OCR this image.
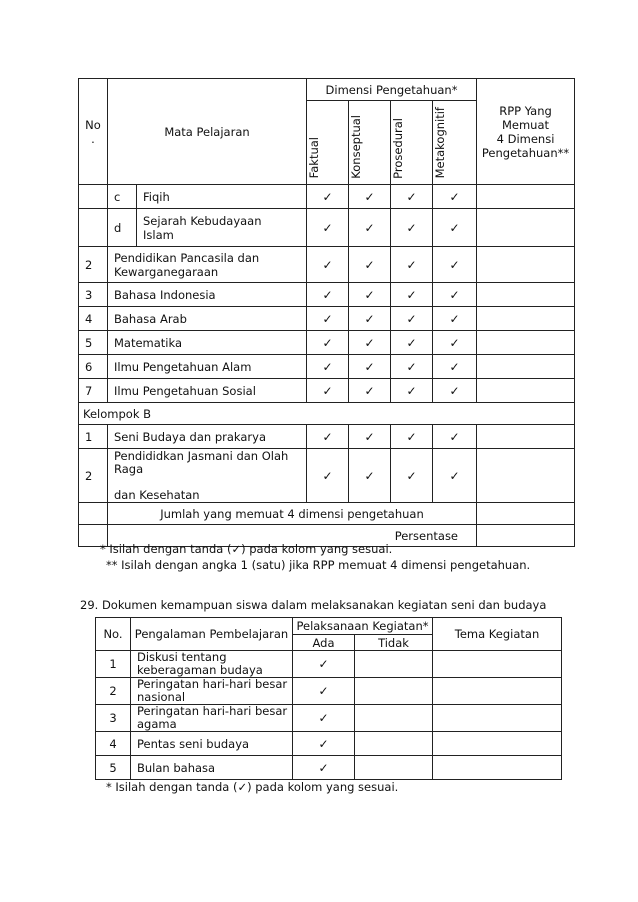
No
.	Mata Pelajaran		Dimensi Pengetahuan*				RPP Yang
Memuat
4 Dimensi
Pengetahuan**

			Faktual	Konseptual	Prosedural	Metakognitif	

	c	Fiqih	✓	✓	✓	✓	
	d	Sejarah Kebudayaan
Islam	✓	✓	✓	✓	
2	Pendidikan Pancasila dan
Kewarganegaraan		✓	✓	✓	✓	
3	Bahasa Indonesia		✓	✓	✓	✓	
4	Bahasa Arab		✓	✓	✓	✓	
5	Matematika		✓	✓	✓	✓	
6	Ilmu Pengetahuan Alam		✓	✓	✓	✓	
7	Ilmu Pengetahuan Sosial		✓	✓	✓	✓	
Kelompok B							
1	Seni Budaya dan prakarya		✓	✓	✓	✓	
2	Pendididkan Jasmani dan Olah
Raga

dan Kesehatan		✓	✓	✓	✓	
	Jumlah yang memuat 4 dimensi pengetahuan						
	Persentase						
* Isilah dengan tanda (✓) pada kolom yang sesuai.
** Isilah dengan angka 1 (satu) jika RPP memuat 4 dimensi pengetahuan.
29. Dokumen kemampuan siswa dalam melaksanakan kegiatan seni dan budaya
No.	Pengalaman Pembelajaran	Pelaksanaan Kegiatan*		Tema Kegiatan
		Ada	Tidak	
1	Diskusi tentang
keberagaman budaya	✓		
2	Peringatan hari-hari besar
nasional	✓		
3	Peringatan hari-hari besar
agama	✓		
4	Pentas seni budaya	✓		
5	Bulan bahasa	✓		
* Isilah dengan tanda (✓) pada kolom yang sesuai.
